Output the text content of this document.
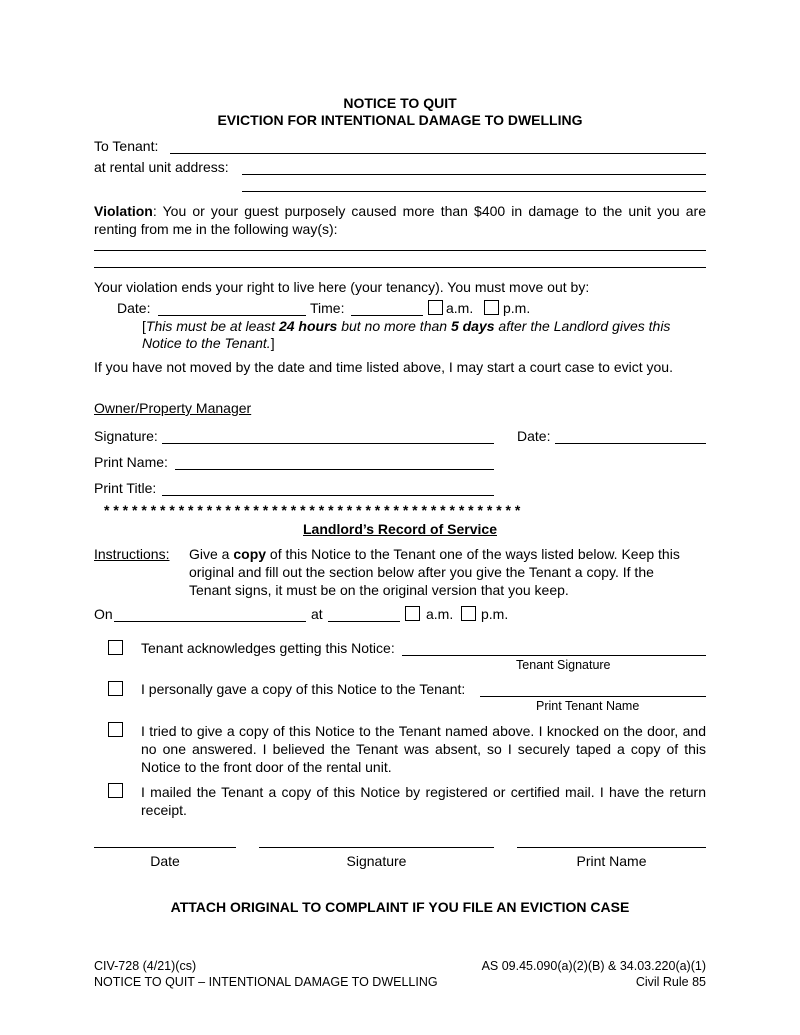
NOTICE TO QUIT
EVICTION FOR INTENTIONAL DAMAGE TO DWELLING
To Tenant:
at rental unit address:
Violation: You or your guest purposely caused more than $400 in damage to the unit you are renting from me in the following way(s):
Your violation ends your right to live here (your tenancy). You must move out by:
Date:	Time:	a.m. p.m.
[This must be at least 24 hours but no more than 5 days after the Landlord gives this
Notice to the Tenant.]
If you have not moved by the date and time listed above, I may start a court case to evict you.
Owner/Property Manager
Signature:	Date:
Print Name:
Print Title:
* * * * * * * * * * * * * * * * * * * * * * * * * * * * * * * * * * * * * * * * * * * * *
Landlord’s Record of Service
Instructions: Give a copy of this Notice to the Tenant one of the ways listed below. Keep this
original and fill out the section below after you give the Tenant a copy. If the
Tenant signs, it must be on the original version that you keep.
On	at	a.m. p.m.
Tenant acknowledges getting this Notice:
Tenant Signature
I personally gave a copy of this Notice to the Tenant:
Print Tenant Name
I tried to give a copy of this Notice to the Tenant named above. I knocked on the door, and no one answered. I believed the Tenant was absent, so I securely taped a copy of this Notice to the front door of the rental unit.
I mailed the Tenant a copy of this Notice by registered or certified mail. I have the return receipt.
Date	Signature	Print Name
ATTACH ORIGINAL TO COMPLAINT IF YOU FILE AN EVICTION CASE
CIV-728 (4/21)(cs)
NOTICE TO QUIT – INTENTIONAL DAMAGE TO DWELLING
AS 09.45.090(a)(2)(B) & 34.03.220(a)(1)
Civil Rule 85
